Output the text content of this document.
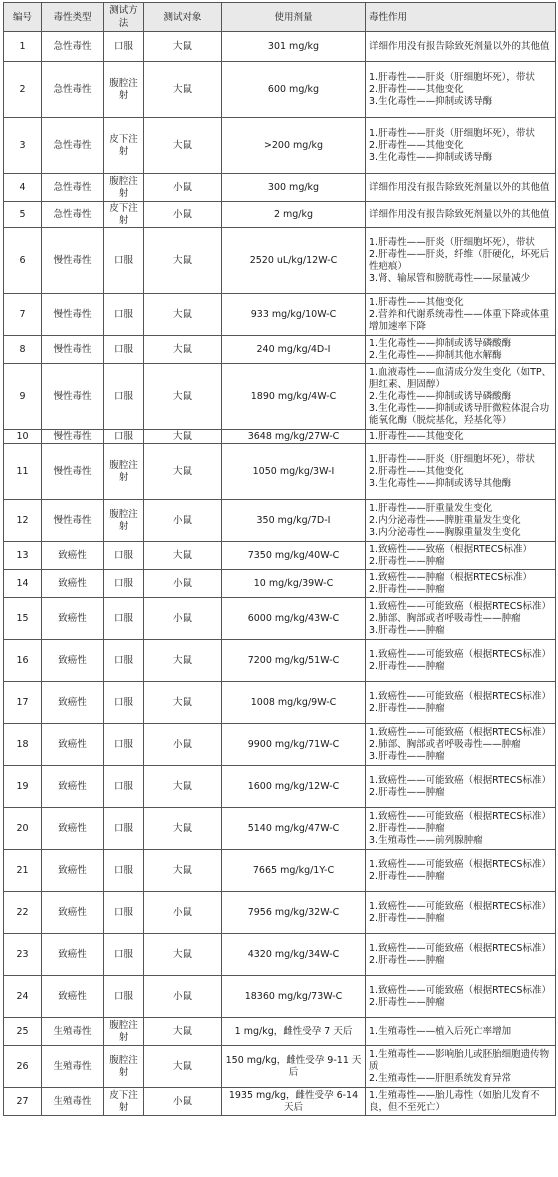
编号	毒性类型	测试方法	测试对象	使用剂量	毒性作用
1	急性毒性	口服	大鼠	301 mg/kg	详细作用没有报告除致死剂量以外的其他值

2	急性毒性	腹腔注射	大鼠	600 mg/kg	1.肝毒性——肝炎（肝细胞坏死），带状
2.肝毒性——其他变化
3.生化毒性——抑制或诱导酶

3	急性毒性	皮下注射	大鼠	>200 mg/kg	1.肝毒性——肝炎（肝细胞坏死），带状
2.肝毒性——其他变化
3.生化毒性——抑制或诱导酶

4	急性毒性	腹腔注射	小鼠	300 mg/kg	详细作用没有报告除致死剂量以外的其他值

5	急性毒性	皮下注射	小鼠	2 mg/kg	详细作用没有报告除致死剂量以外的其他值

6	慢性毒性	口服	大鼠	2520 uL/kg/12W-C	1.肝毒性——肝炎（肝细胞坏死），带状
2.肝毒性——肝炎，纤维（肝硬化，坏死后性疤痕）
3.肾、输尿管和膀胱毒性——尿量减少

7	慢性毒性	口服	大鼠	933 mg/kg/10W-C	1.肝毒性——其他变化
2.营养和代谢系统毒性——体重下降或体重增加速率下降

8	慢性毒性	口服	大鼠	240 mg/kg/4D-I	1.生化毒性——抑制或诱导磷酸酶
2.生化毒性——抑制其他水解酶

9	慢性毒性	口服	大鼠	1890 mg/kg/4W-C	1.血液毒性——血清成分发生变化（如TP、胆红素、胆固醇）
2.生化毒性——抑制或诱导磷酸酶
3.生化毒性——抑制或诱导肝微粒体混合功能氧化酶（脱烷基化，羟基化等）

10	慢性毒性	口服	大鼠	3648 mg/kg/27W-C	1.肝毒性——其他变化

11	慢性毒性	腹腔注射	大鼠	1050 mg/kg/3W-I	1.肝毒性——肝炎（肝细胞坏死），带状
2.肝毒性——其他变化
3.生化毒性——抑制或诱导其他酶

12	慢性毒性	腹腔注射	小鼠	350 mg/kg/7D-I	1.肝毒性——肝重量发生变化
2.内分泌毒性——脾脏重量发生变化
3.内分泌毒性——胸腺重量发生变化

13	致癌性	口服	大鼠	7350 mg/kg/40W-C	1.致癌性——致癌（根据RTECS标准）
2.肝毒性——肿瘤

14	致癌性	口服	小鼠	10 mg/kg/39W-C	1.致癌性——肿瘤（根据RTECS标准）
2.肝毒性——肿瘤

15	致癌性	口服	小鼠	6000 mg/kg/43W-C	1.致癌性——可能致癌（根据RTECS标准）
2.肺部、胸部或者呼吸毒性——肿瘤
3.肝毒性——肿瘤

16	致癌性	口服	大鼠	7200 mg/kg/51W-C	1.致癌性——可能致癌（根据RTECS标准）
2.肝毒性——肿瘤

17	致癌性	口服	大鼠	1008 mg/kg/9W-C	1.致癌性——可能致癌（根据RTECS标准）
2.肝毒性——肿瘤

18	致癌性	口服	小鼠	9900 mg/kg/71W-C	1.致癌性——可能致癌（根据RTECS标准）
2.肺部、胸部或者呼吸毒性——肿瘤
3.肝毒性——肿瘤

19	致癌性	口服	大鼠	1600 mg/kg/12W-C	1.致癌性——可能致癌（根据RTECS标准）
2.肝毒性——肿瘤

20	致癌性	口服	大鼠	5140 mg/kg/47W-C	1.致癌性——可能致癌（根据RTECS标准）
2.肝毒性——肿瘤
3.生殖毒性——前列腺肿瘤

21	致癌性	口服	大鼠	7665 mg/kg/1Y-C	1.致癌性——可能致癌（根据RTECS标准）
2.肝毒性——肿瘤

22	致癌性	口服	小鼠	7956 mg/kg/32W-C	1.致癌性——可能致癌（根据RTECS标准）
2.肝毒性——肿瘤

23	致癌性	口服	大鼠	4320 mg/kg/34W-C	1.致癌性——可能致癌（根据RTECS标准）
2.肝毒性——肿瘤

24	致癌性	口服	小鼠	18360 mg/kg/73W-C	1.致癌性——可能致癌（根据RTECS标准）
2.肝毒性——肿瘤

25	生殖毒性	腹腔注射	大鼠	1 mg/kg，雌性受孕 7 天后	1.生殖毒性——植入后死亡率增加

26	生殖毒性	腹腔注射	大鼠	150 mg/kg，雌性受孕 9-11 天后	1.生殖毒性——影响胎儿或胚胎细胞遗传物质
2.生殖毒性——肝胆系统发育异常

27	生殖毒性	皮下注射	小鼠	1935 mg/kg，雌性受孕 6-14 天后	1.生殖毒性——胎儿毒性（如胎儿发育不良，但不至死亡）
